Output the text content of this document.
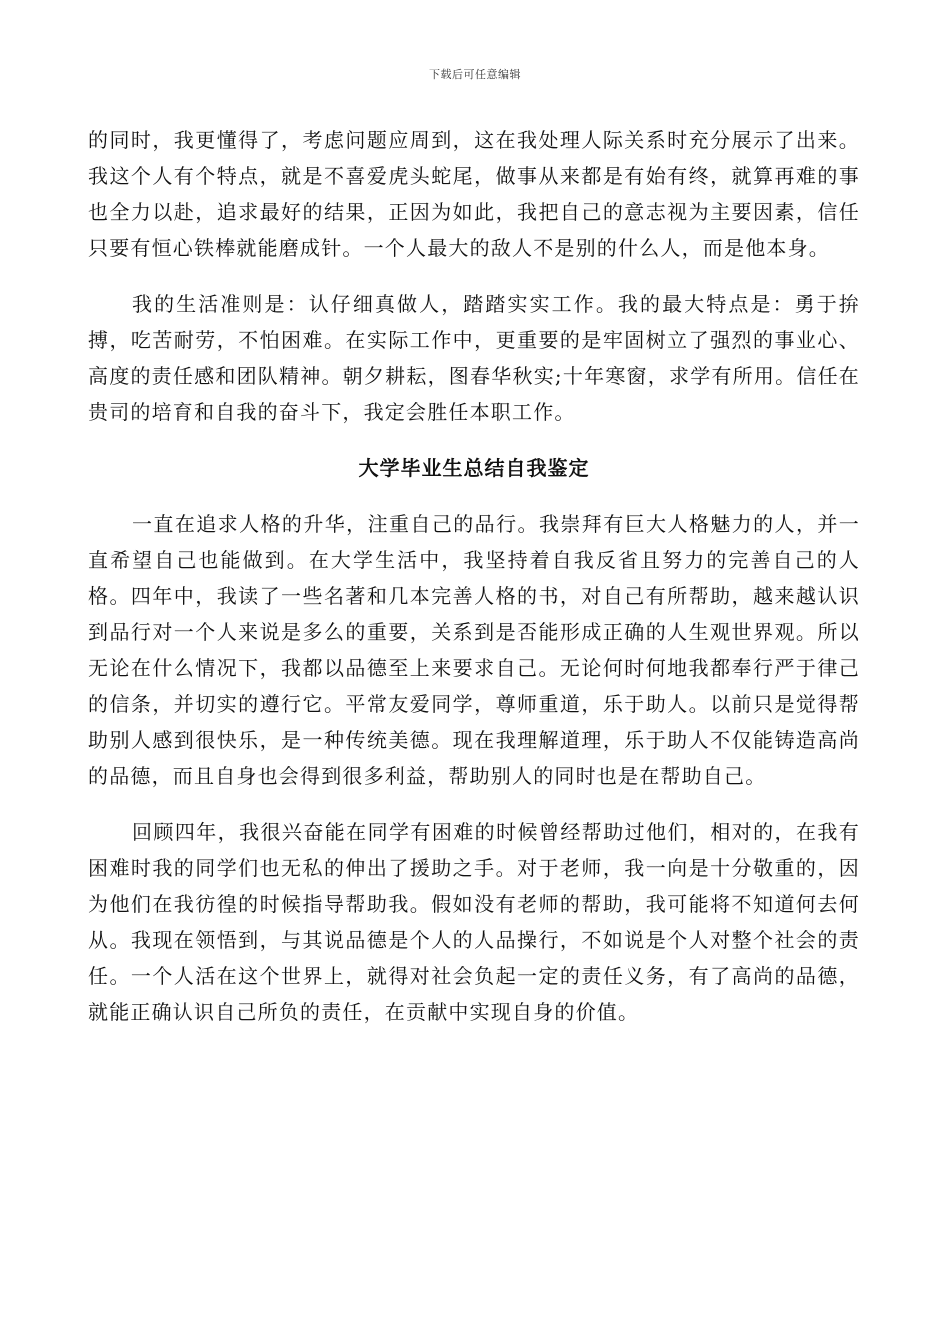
下载后可任意编辑

的同时，我更懂得了，考虑问题应周到，这在我处理人际关系时充分展示了出来。我这个人有个特点，就是不喜爱虎头蛇尾，做事从来都是有始有终，就算再难的事也全力以赴，追求最好的结果，正因为如此，我把自己的意志视为主要因素，信任只要有恒心铁棒就能磨成针。一个人最大的敌人不是别的什么人，而是他本身。

我的生活准则是：认仔细真做人，踏踏实实工作。我的最大特点是：勇于拚搏，吃苦耐劳，不怕困难。在实际工作中，更重要的是牢固树立了强烈的事业心、高度的责任感和团队精神。朝夕耕耘，图春华秋实;十年寒窗，求学有所用。信任在贵司的培育和自我的奋斗下，我定会胜任本职工作。

大学毕业生总结自我鉴定

一直在追求人格的升华，注重自己的品行。我崇拜有巨大人格魅力的人，并一直希望自己也能做到。在大学生活中，我坚持着自我反省且努力的完善自己的人格。四年中，我读了一些名著和几本完善人格的书，对自己有所帮助，越来越认识到品行对一个人来说是多么的重要，关系到是否能形成正确的人生观世界观。所以无论在什么情况下，我都以品德至上来要求自己。无论何时何地我都奉行严于律己的信条，并切实的遵行它。平常友爱同学，尊师重道，乐于助人。以前只是觉得帮助别人感到很快乐，是一种传统美德。现在我理解道理，乐于助人不仅能铸造高尚的品德，而且自身也会得到很多利益，帮助别人的同时也是在帮助自己。

回顾四年，我很兴奋能在同学有困难的时候曾经帮助过他们，相对的，在我有困难时我的同学们也无私的伸出了援助之手。对于老师，我一向是十分敬重的，因为他们在我彷徨的时候指导帮助我。假如没有老师的帮助，我可能将不知道何去何从。我现在领悟到，与其说品德是个人的人品操行，不如说是个人对整个社会的责任。一个人活在这个世界上，就得对社会负起一定的责任义务，有了高尚的品德，就能正确认识自己所负的责任，在贡献中实现自身的价值。
